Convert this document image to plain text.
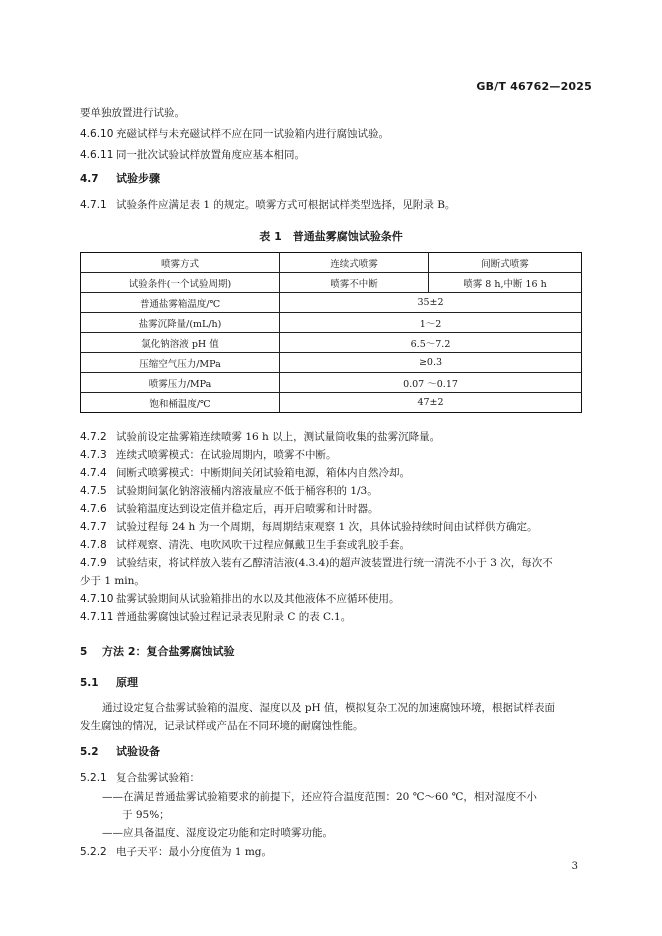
GB/T 46762—2025
要单独放置进行试验。
4.6.10 充磁试样与未充磁试样不应在同一试验箱内进行腐蚀试验。
4.6.11 同一批次试验试样放置角度应基本相同。
4.7 试验步骤
4.7.1 试验条件应满足表 1 的规定。喷雾方式可根据试样类型选择，见附录 B。
表 1　普通盐雾腐蚀试验条件
喷雾方式	连续式喷雾	间断式喷雾
试验条件(一个试验周期)	喷雾不中断	喷雾 8 h,中断 16 h
普通盐雾箱温度/℃	35±2	
盐雾沉降量/(mL/h)	1～2	
氯化钠溶液 pH 值	6.5～7.2	
压缩空气压力/MPa	≥0.3	
喷雾压力/MPa	0.07 ～0.17	
饱和桶温度/℃	47±2	
4.7.2 试验前设定盐雾箱连续喷雾 16 h 以上，测试量筒收集的盐雾沉降量。
4.7.3 连续式喷雾模式：在试验周期内，喷雾不中断。
4.7.4 间断式喷雾模式：中断期间关闭试验箱电源，箱体内自然冷却。
4.7.5 试验期间氯化钠溶液桶内溶液量应不低于桶容积的 1/3。
4.7.6 试验箱温度达到设定值并稳定后，再开启喷雾和计时器。
4.7.7 试验过程每 24 h 为一个周期，每周期结束观察 1 次，具体试验持续时间由试样供方确定。
4.7.8 试样观察、清洗、电吹风吹干过程应佩戴卫生手套或乳胶手套。
4.7.9 试验结束，将试样放入装有乙醇清洁液(4.3.4)的超声波装置进行统一清洗不小于 3 次，每次不
少于 1 min。
4.7.10 盐雾试验期间从试验箱排出的水以及其他液体不应循环使用。
4.7.11 普通盐雾腐蚀试验过程记录表见附录 C 的表 C.1。
5 方法 2：复合盐雾腐蚀试验
5.1 原理
通过设定复合盐雾试验箱的温度、湿度以及 pH 值，模拟复杂工况的加速腐蚀环境，根据试样表面
发生腐蚀的情况，记录试样或产品在不同环境的耐腐蚀性能。
5.2 试验设备
5.2.1 复合盐雾试验箱：
——在满足普通盐雾试验箱要求的前提下，还应符合温度范围：20 ℃～60 ℃，相对湿度不小
于 95%；
——应具备温度、湿度设定功能和定时喷雾功能。
5.2.2 电子天平：最小分度值为 1 mg。
3
